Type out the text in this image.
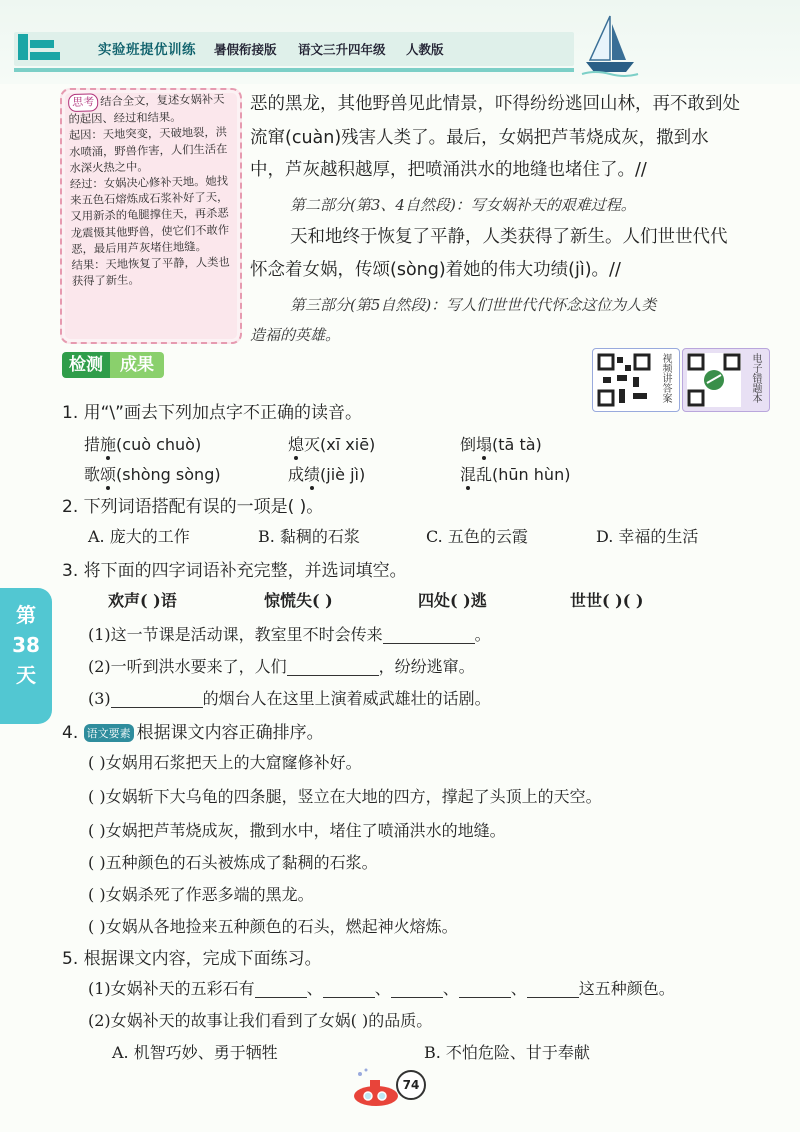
实验班提优训练 暑假衔接版 语文三升四年级 人教版
第38天

思考 结合全文，复述女娲补天的起因、经过和结果。

起因：天地突变，天破地裂，洪水喷涌，野兽作害，人们生活在水深火热之中。

经过：女娲决心修补天地。她找来五色石熔炼成石浆补好了天，又用新杀的龟腿撑住天，再杀恶龙震慑其他野兽，使它们不敢作恶，最后用芦灰堵住地缝。

结果：天地恢复了平静，人类也获得了新生。

恶的黑龙，其他野兽见此情景，吓得纷纷逃回山林，再不敢到处
流窜(cuàn)残害人类了。最后，女娲把芦苇烧成灰，撒到水
中，芦灰越积越厚，把喷涌洪水的地缝也堵住了。//
第二部分(第3、4自然段)：写女娲补天的艰难过程。
天和地终于恢复了平静，人类获得了新生。人们世世代代
怀念着女娲，传颂(sòng)着她的伟大功绩(jì)。//
第三部分(第5自然段)：写人们世世代代怀念这位为人类
造福的英雄。
检测	成果	视频讲答案	电子错题本
1. 用“\”画去下列加点字不正确的读音。
措施(cuò chuò)	熄灭(xī xiē)	倒塌(tā tà)
歌颂(shòng sòng)	成绩(jiè jì)	混乱(hūn hùn)
2. 下列词语搭配有误的一项是( )。
A. 庞大的工作	B. 黏稠的石浆	C. 五色的云霞	D. 幸福的生活
3. 将下面的四字词语补充完整，并选词填空。
欢声( )语	惊慌失( )	四处( )逃	世世( )( )
(1)这一节课是活动课，教室里不时会传来	。
(2)一听到洪水要来了，人们	，纷纷逃窜。
(3)	的烟台人在这里上演着威武雄壮的话剧。
4. 语文要素 根据课文内容正确排序。
( )女娲用石浆把天上的大窟窿修补好。
( )女娲斩下大乌龟的四条腿，竖立在大地的四方，撑起了头顶上的天空。
( )女娲把芦苇烧成灰，撒到水中，堵住了喷涌洪水的地缝。
( )五种颜色的石头被炼成了黏稠的石浆。
( )女娲杀死了作恶多端的黑龙。
( )女娲从各地捡来五种颜色的石头，燃起神火熔炼。
5. 根据课文内容，完成下面练习。
(1)女娲补天的五彩石有	、	、	、	、	这五种颜色。
(2)女娲补天的故事让我们看到了女娲( )的品质。
A. 机智巧妙、勇于牺牲	B. 不怕危险、甘于奉献
74
